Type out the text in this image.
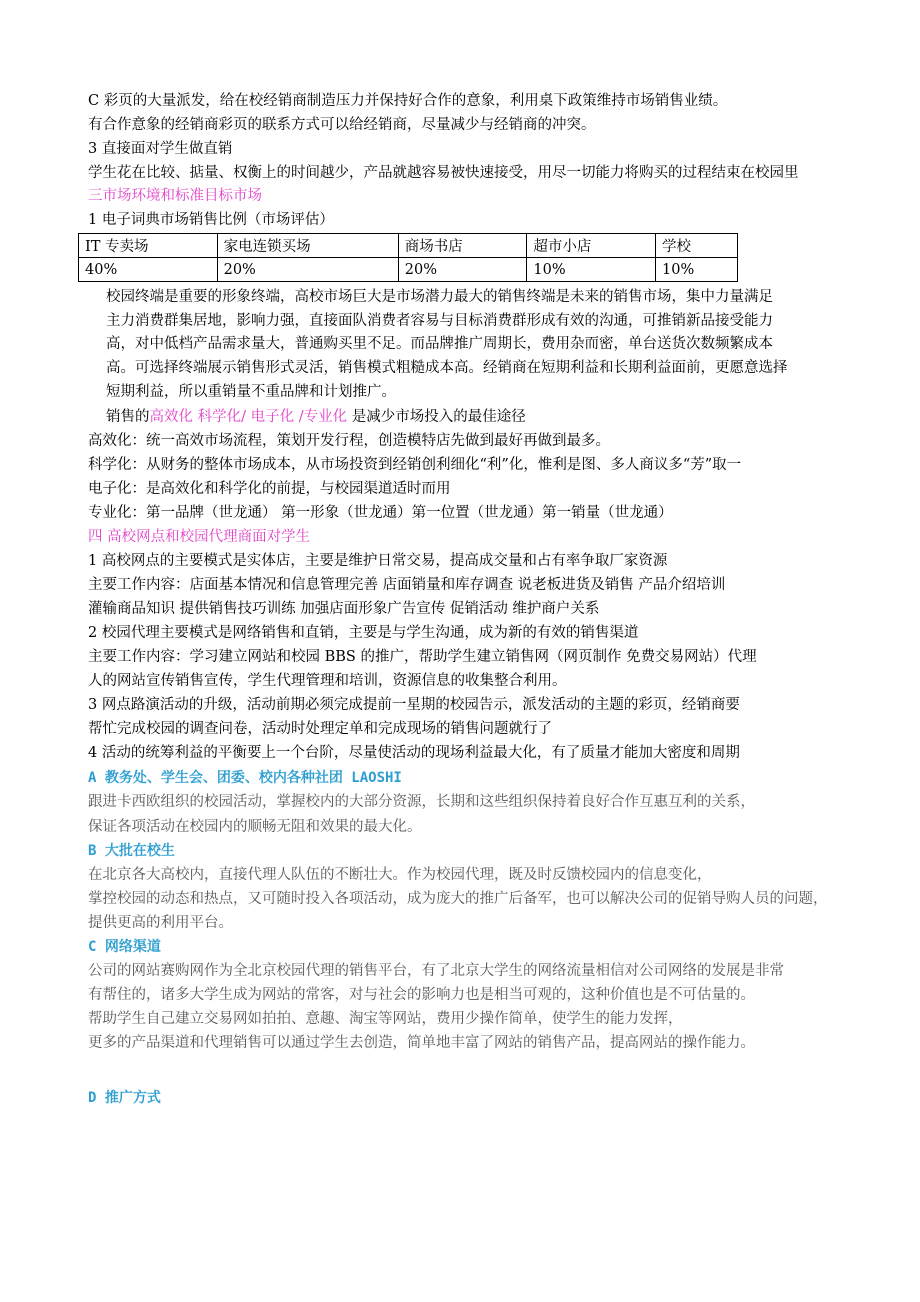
C 彩页的大量派发，给在校经销商制造压力并保持好合作的意象，利用桌下政策维持市场销售业绩。
有合作意象的经销商彩页的联系方式可以给经销商，尽量减少与经销商的冲突。
3 直接面对学生做直销
学生花在比较、掂量、权衡上的时间越少，产品就越容易被快速接受，用尽一切能力将购买的过程结束在校园里
三市场环境和标准目标市场
1 电子词典市场销售比例（市场评估）
IT 专卖场	家电连锁买场	商场书店	超市小店	学校
40%	20%	20%	10%	10%
校园终端是重要的形象终端，高校市场巨大是市场潜力最大的销售终端是未来的销售市场，集中力量满足
主力消费群集居地，影响力强，直接面队消费者容易与目标消费群形成有效的沟通，可推销新品接受能力
高，对中低档产品需求量大，普通购买里不足。而品牌推广周期长，费用杂而密，单台送货次数频繁成本
高。可选择终端展示销售形式灵活，销售模式粗糙成本高。经销商在短期利益和长期利益面前，更愿意选择
短期利益，所以重销量不重品牌和计划推广。
销售的高效化 科学化/ 电子化 /专业化 是减少市场投入的最佳途径
高效化：统一高效市场流程，策划开发行程，创造模特店先做到最好再做到最多。
科学化：从财务的整体市场成本，从市场投资到经销创利细化“利”化，惟利是图、多人商议多“芳”取一
电子化：是高效化和科学化的前提，与校园渠道适时而用
专业化：第一品牌（世龙通） 第一形象（世龙通）第一位置（世龙通）第一销量（世龙通）
四 高校网点和校园代理商面对学生
1 高校网点的主要模式是实体店，主要是维护日常交易，提高成交量和占有率争取厂家资源
主要工作内容：店面基本情况和信息管理完善 店面销量和库存调查 说老板进货及销售 产品介绍培训
灌输商品知识 提供销售技巧训练 加强店面形象广告宣传 促销活动 维护商户关系
2 校园代理主要模式是网络销售和直销，主要是与学生沟通，成为新的有效的销售渠道
主要工作内容：学习建立网站和校园 BBS 的推广，帮助学生建立销售网（网页制作 免费交易网站）代理
人的网站宣传销售宣传，学生代理管理和培训，资源信息的收集整合利用。
3 网点路演活动的升级，活动前期必须完成提前一星期的校园告示，派发活动的主题的彩页，经销商要
帮忙完成校园的调查问卷，活动时处理定单和完成现场的销售问题就行了
4 活动的统筹利益的平衡要上一个台阶，尽量使活动的现场利益最大化，有了质量才能加大密度和周期
A 教务处、学生会、团委、校内各种社团 LAOSHI
跟进卡西欧组织的校园活动，掌握校内的大部分资源，长期和这些组织保持着良好合作互惠互利的关系，
保证各项活动在校园内的顺畅无阻和效果的最大化。
B 大批在校生
在北京各大高校内，直接代理人队伍的不断壮大。作为校园代理，既及时反馈校园内的信息变化，
掌控校园的动态和热点，又可随时投入各项活动，成为庞大的推广后备军，也可以解决公司的促销导购人员的问题，
提供更高的利用平台。
C 网络渠道
公司的网站赛购网作为全北京校园代理的销售平台，有了北京大学生的网络流量相信对公司网络的发展是非常
有帮住的，诸多大学生成为网站的常客，对与社会的影响力也是相当可观的，这种价值也是不可估量的。
帮助学生自己建立交易网如拍拍、意趣、淘宝等网站，费用少操作简单，使学生的能力发挥，
更多的产品渠道和代理销售可以通过学生去创造，简单地丰富了网站的销售产品，提高网站的操作能力。
D 推广方式
